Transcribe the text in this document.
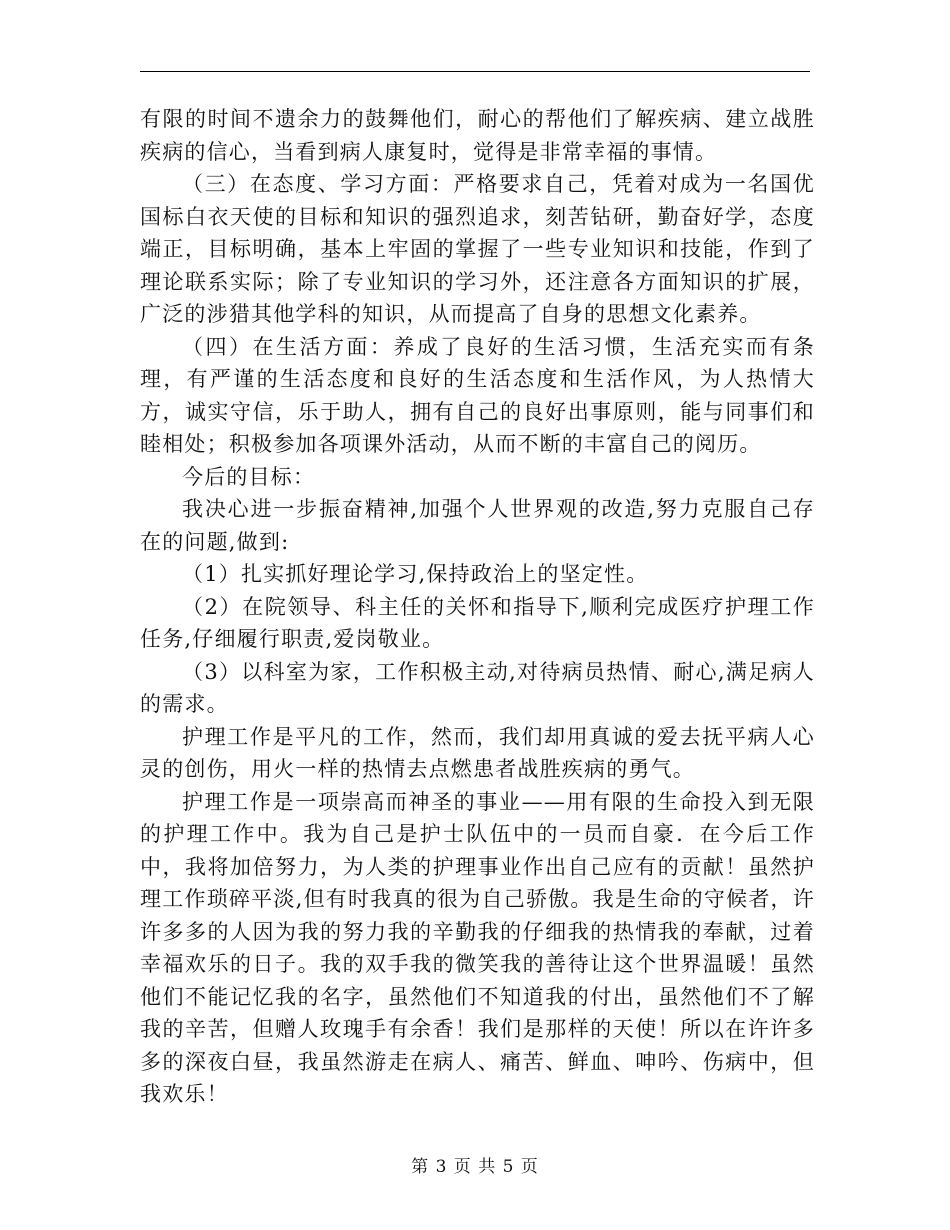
有限的时间不遗余力的鼓舞他们，耐心的帮他们了解疾病、建立战胜疾病的信心，当看到病人康复时，觉得是非常幸福的事情。

（三）在态度、学习方面：严格要求自己，凭着对成为一名国优国标白衣天使的目标和知识的强烈追求，刻苦钻研，勤奋好学，态度端正，目标明确，基本上牢固的掌握了一些专业知识和技能，作到了理论联系实际；除了专业知识的学习外，还注意各方面知识的扩展，广泛的涉猎其他学科的知识，从而提高了自身的思想文化素养。

（四）在生活方面：养成了良好的生活习惯，生活充实而有条理，有严谨的生活态度和良好的生活态度和生活作风，为人热情大方，诚实守信，乐于助人，拥有自己的良好出事原则，能与同事们和睦相处；积极参加各项课外活动，从而不断的丰富自己的阅历。

今后的目标：

我决心进一步振奋精神,加强个人世界观的改造,努力克服自己存在的问题,做到:

（1）扎实抓好理论学习,保持政治上的坚定性。

（2）在院领导、科主任的关怀和指导下,顺利完成医疗护理工作任务,仔细履行职责,爱岗敬业。

（3）以科室为家，工作积极主动,对待病员热情、耐心,满足病人的需求。

护理工作是平凡的工作，然而，我们却用真诚的爱去抚平病人心灵的创伤，用火一样的热情去点燃患者战胜疾病的勇气。

护理工作是一项崇高而神圣的事业——用有限的生命投入到无限的护理工作中。我为自己是护士队伍中的一员而自豪．在今后工作中，我将加倍努力，为人类的护理事业作出自己应有的贡献！虽然护理工作琐碎平淡,但有时我真的很为自己骄傲。我是生命的守候者，许许多多的人因为我的努力我的辛勤我的仔细我的热情我的奉献，过着幸福欢乐的日子。我的双手我的微笑我的善待让这个世界温暖！虽然他们不能记忆我的名字，虽然他们不知道我的付出，虽然他们不了解我的辛苦，但赠人玫瑰手有余香！我们是那样的天使！所以在许许多多的深夜白昼，我虽然游走在病人、痛苦、鲜血、呻吟、伤病中，但我欢乐！

第 3 页 共 5 页
